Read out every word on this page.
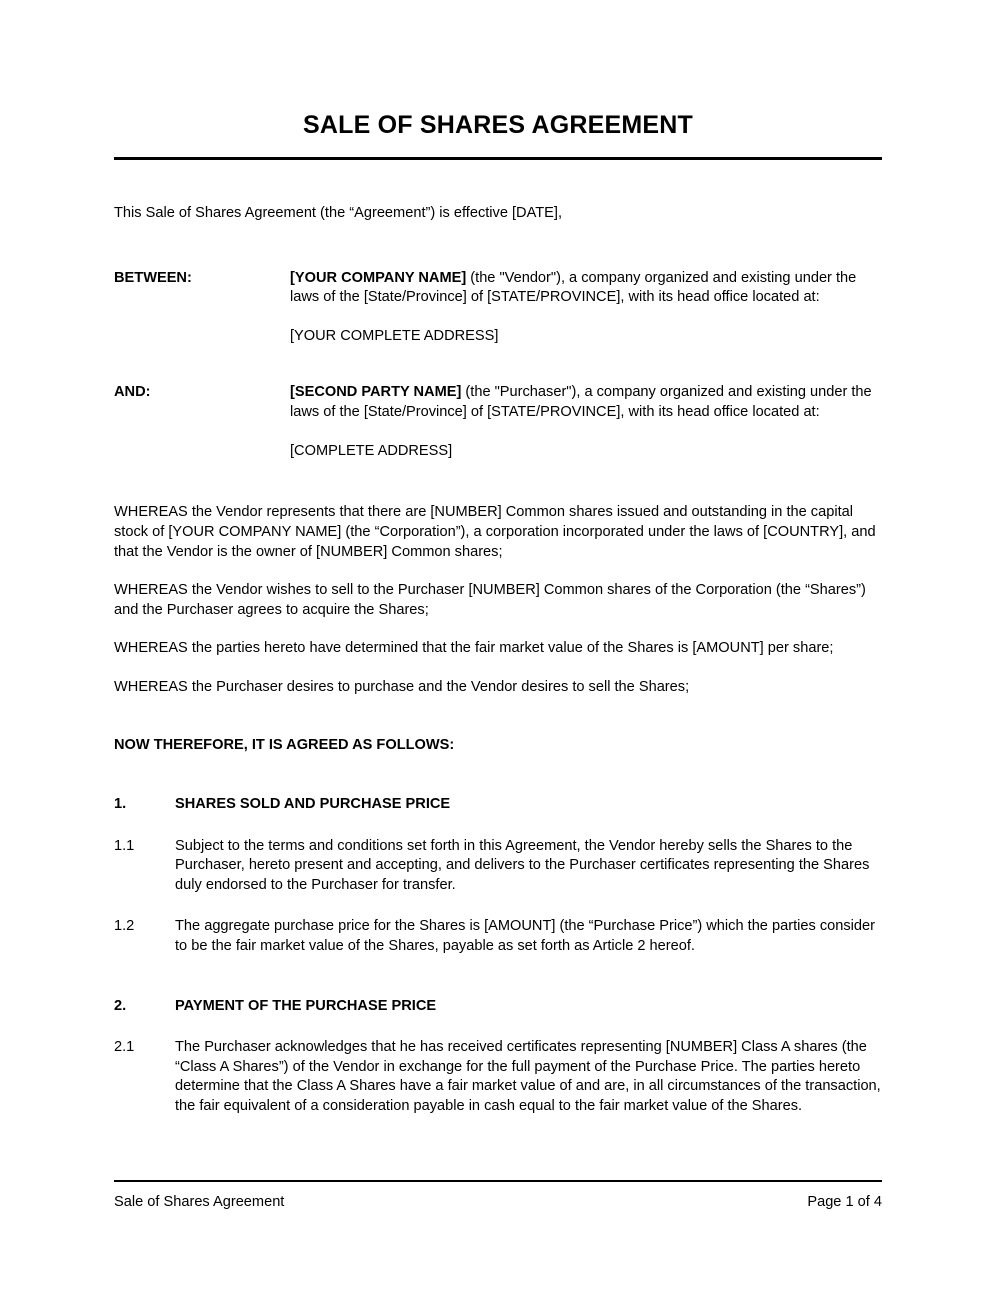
SALE OF SHARES AGREEMENT

This Sale of Shares Agreement (the “Agreement”) is effective [DATE],

BETWEEN:	[YOUR COMPANY NAME] (the "Vendor"), a company organized and existing under the laws of the [State/Province] of [STATE/PROVINCE], with its head office located at:
[YOUR COMPLETE ADDRESS]
AND:	[SECOND PARTY NAME] (the "Purchaser"), a company organized and existing under the laws of the [State/Province] of [STATE/PROVINCE], with its head office located at:
[COMPLETE ADDRESS]

WHEREAS the Vendor represents that there are [NUMBER] Common shares issued and outstanding in the capital stock of [YOUR COMPANY NAME] (the “Corporation”), a corporation incorporated under the laws of [COUNTRY], and that the Vendor is the owner of [NUMBER] Common shares;

WHEREAS the Vendor wishes to sell to the Purchaser [NUMBER] Common shares of the Corporation (the “Shares”) and the Purchaser agrees to acquire the Shares;

WHEREAS the parties hereto have determined that the fair market value of the Shares is [AMOUNT] per share;

WHEREAS the Purchaser desires to purchase and the Vendor desires to sell the Shares;

NOW THEREFORE, IT IS AGREED AS FOLLOWS:
1.	SHARES SOLD AND PURCHASE PRICE
1.1	Subject to the terms and conditions set forth in this Agreement, the Vendor hereby sells the Shares to the Purchaser, hereto present and accepting, and delivers to the Purchaser certificates representing the Shares duly endorsed to the Purchaser for transfer.
1.2	The aggregate purchase price for the Shares is [AMOUNT] (the “Purchase Price”) which the parties consider to be the fair market value of the Shares, payable as set forth as Article 2 hereof.
2.	PAYMENT OF THE PURCHASE PRICE
2.1	The Purchaser acknowledges that he has received certificates representing [NUMBER] Class A shares (the “Class A Shares”) of the Vendor in exchange for the full payment of the Purchase Price. The parties hereto determine that the Class A Shares have a fair market value of and are, in all circumstances of the transaction, the fair equivalent of a consideration payable in cash equal to the fair market value of the Shares.
Sale of Shares Agreement	Page 1 of 4
